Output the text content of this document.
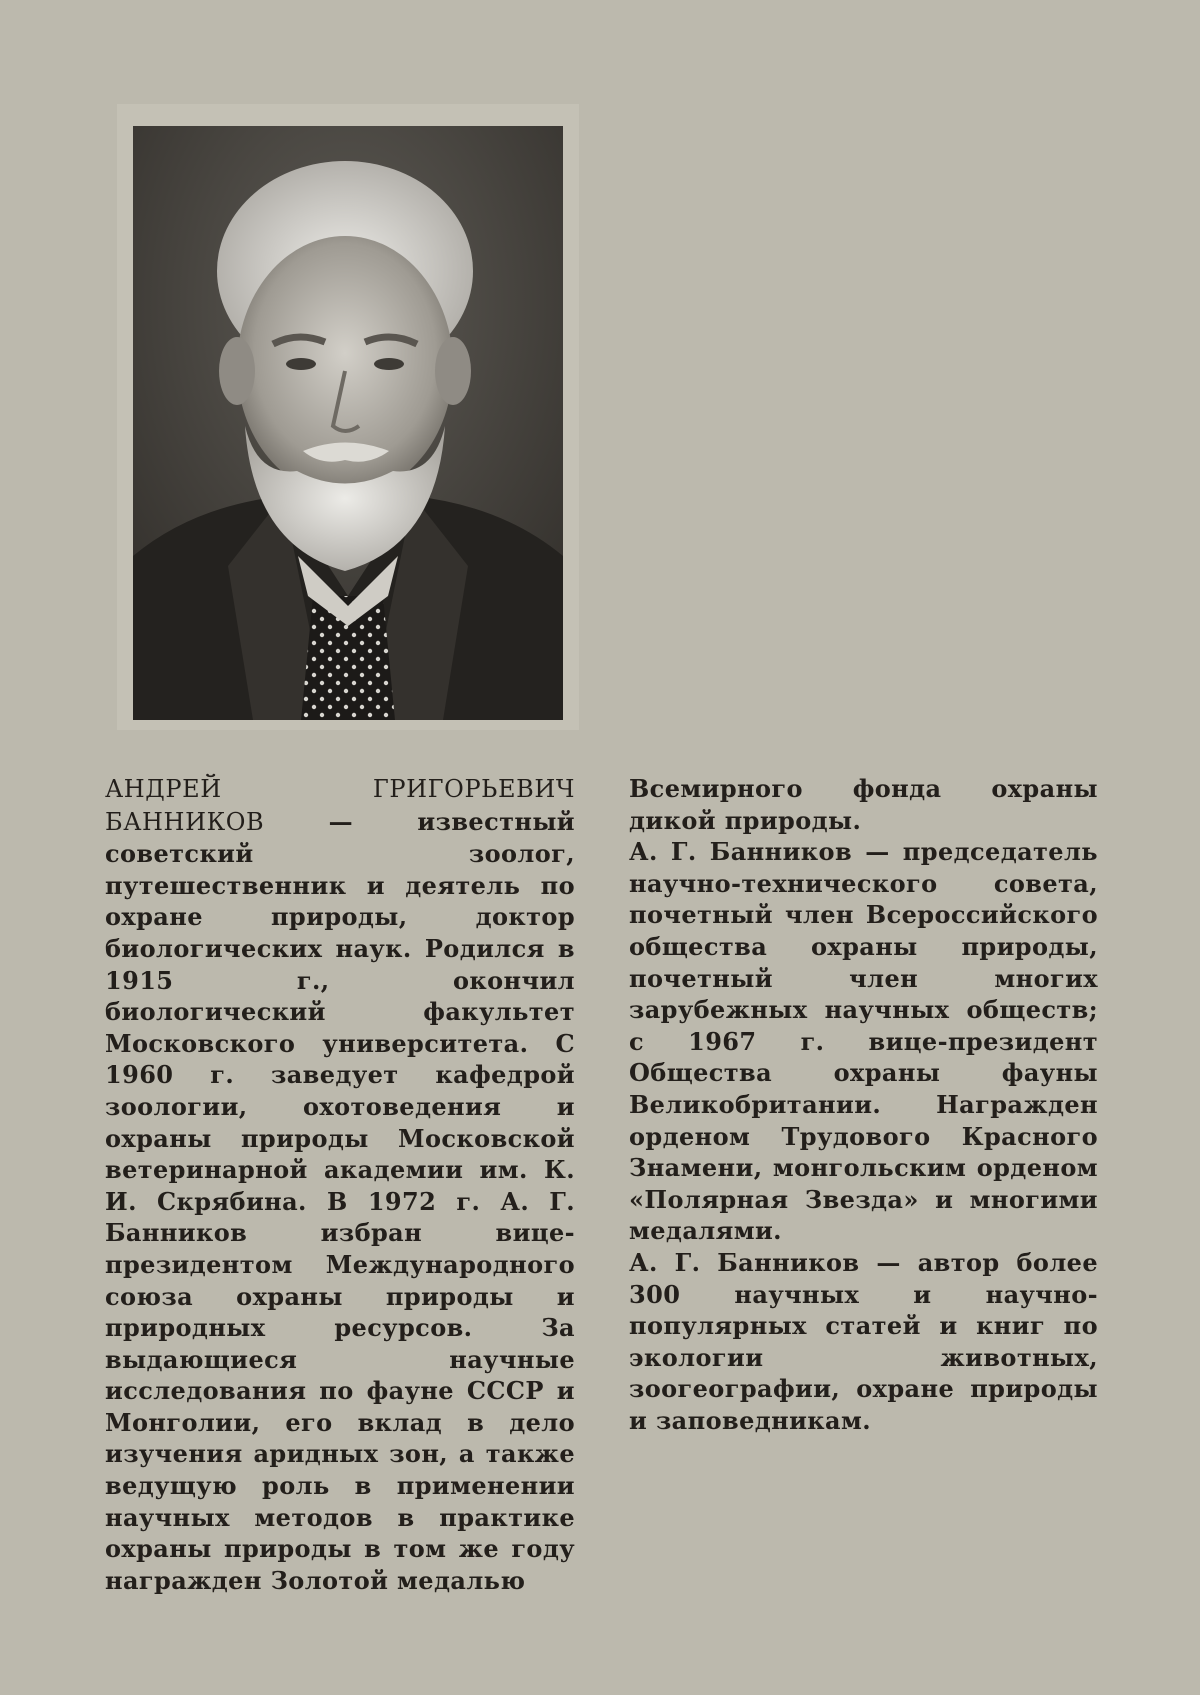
АНДРЕЙ ГРИГОРЬЕВИЧ БАННИКОВ — известный советский зоолог, путешественник и деятель по охране природы, доктор биологических наук. Родился в 1915 г., окончил биологический факультет Московского университета. С 1960 г. заведует кафедрой зоологии, охотоведения и охраны природы Московской ветеринарной академии им. К. И. Скрябина. В 1972 г. А. Г. Банников избран вице-президентом Международного союза охраны природы и природных ресурсов. За выдающиеся научные исследования по фауне СССР и Монголии, его вклад в дело изучения аридных зон, а также ведущую роль в применении научных методов в практике охраны природы в том же году награжден Золотой медалью

Всемирного фонда охраны дикой природы.

А. Г. Банников — председатель научно-технического совета, почетный член Всероссийского общества охраны природы, почетный член многих зарубежных научных обществ; с 1967 г. вице-президент Общества охраны фауны Великобритании. Награжден орденом Трудового Красного Знамени, монгольским орденом «Полярная Звезда» и многими медалями.

А. Г. Банников — автор более 300 научных и научно-популярных статей и книг по экологии животных, зоогеографии, охране природы и заповедникам.
